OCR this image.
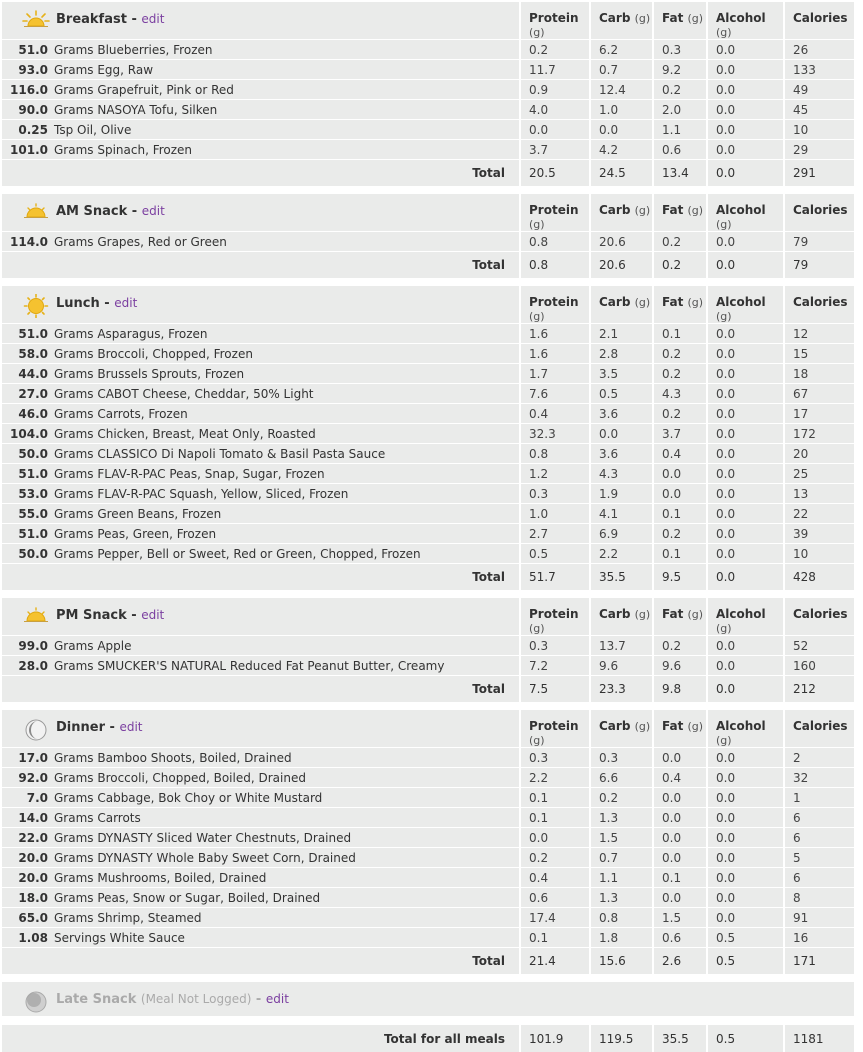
Breakfast - edit	Protein (g)	Carb (g)	Fat (g)	Alcohol (g)	Calories
51.0 Grams Blueberries, Frozen	0.2	6.2	0.3	0.0	26
93.0 Grams Egg, Raw	11.7	0.7	9.2	0.0	133
116.0 Grams Grapefruit, Pink or Red	0.9	12.4	0.2	0.0	49
90.0 Grams NASOYA Tofu, Silken	4.0	1.0	2.0	0.0	45
0.25 Tsp Oil, Olive	0.0	0.0	1.1	0.0	10
101.0 Grams Spinach, Frozen	3.7	4.2	0.6	0.0	29
Total	20.5	24.5	13.4	0.0	291
AM Snack - edit	Protein (g)	Carb (g)	Fat (g)	Alcohol (g)	Calories
114.0 Grams Grapes, Red or Green	0.8	20.6	0.2	0.0	79
Total	0.8	20.6	0.2	0.0	79
Lunch - edit	Protein (g)	Carb (g)	Fat (g)	Alcohol (g)	Calories
51.0 Grams Asparagus, Frozen	1.6	2.1	0.1	0.0	12
58.0 Grams Broccoli, Chopped, Frozen	1.6	2.8	0.2	0.0	15
44.0 Grams Brussels Sprouts, Frozen	1.7	3.5	0.2	0.0	18
27.0 Grams CABOT Cheese, Cheddar, 50% Light	7.6	0.5	4.3	0.0	67
46.0 Grams Carrots, Frozen	0.4	3.6	0.2	0.0	17
104.0 Grams Chicken, Breast, Meat Only, Roasted	32.3	0.0	3.7	0.0	172
50.0 Grams CLASSICO Di Napoli Tomato & Basil Pasta Sauce	0.8	3.6	0.4	0.0	20
51.0 Grams FLAV-R-PAC Peas, Snap, Sugar, Frozen	1.2	4.3	0.0	0.0	25
53.0 Grams FLAV-R-PAC Squash, Yellow, Sliced, Frozen	0.3	1.9	0.0	0.0	13
55.0 Grams Green Beans, Frozen	1.0	4.1	0.1	0.0	22
51.0 Grams Peas, Green, Frozen	2.7	6.9	0.2	0.0	39
50.0 Grams Pepper, Bell or Sweet, Red or Green, Chopped, Frozen	0.5	2.2	0.1	0.0	10
Total	51.7	35.5	9.5	0.0	428
PM Snack - edit	Protein (g)	Carb (g)	Fat (g)	Alcohol (g)	Calories
99.0 Grams Apple	0.3	13.7	0.2	0.0	52
28.0 Grams SMUCKER'S NATURAL Reduced Fat Peanut Butter, Creamy	7.2	9.6	9.6	0.0	160
Total	7.5	23.3	9.8	0.0	212
Dinner - edit	Protein (g)	Carb (g)	Fat (g)	Alcohol (g)	Calories
17.0 Grams Bamboo Shoots, Boiled, Drained	0.3	0.3	0.0	0.0	2
92.0 Grams Broccoli, Chopped, Boiled, Drained	2.2	6.6	0.4	0.0	32
7.0 Grams Cabbage, Bok Choy or White Mustard	0.1	0.2	0.0	0.0	1
14.0 Grams Carrots	0.1	1.3	0.0	0.0	6
22.0 Grams DYNASTY Sliced Water Chestnuts, Drained	0.0	1.5	0.0	0.0	6
20.0 Grams DYNASTY Whole Baby Sweet Corn, Drained	0.2	0.7	0.0	0.0	5
20.0 Grams Mushrooms, Boiled, Drained	0.4	1.1	0.1	0.0	6
18.0 Grams Peas, Snow or Sugar, Boiled, Drained	0.6	1.3	0.0	0.0	8
65.0 Grams Shrimp, Steamed	17.4	0.8	1.5	0.0	91
1.08 Servings White Sauce	0.1	1.8	0.6	0.5	16
Total	21.4	15.6	2.6	0.5	171
Late Snack (Meal Not Logged) - edit
Total for all meals	101.9	119.5	35.5	0.5	1181
